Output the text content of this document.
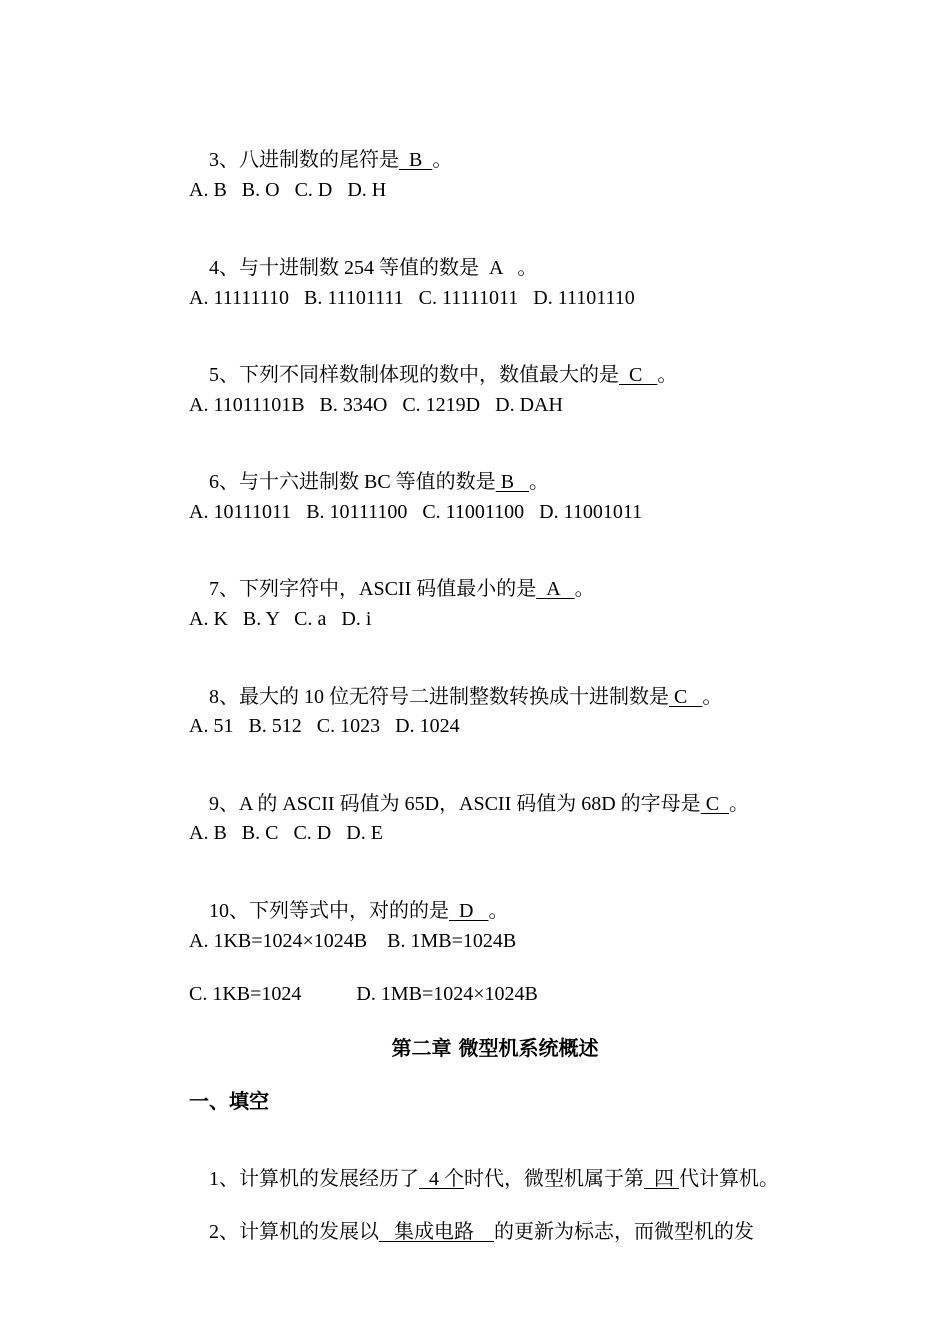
3、八进制数的尾符是  B  。

A. B   B. O   C. D   D. H

4、与十进制数 254 等值的数是  A   。

A. 11111110   B. 11101111   C. 11111011   D. 11101110

5、下列不同样数制体现的数中，数值最大的是  C   。

A. 11011101B   B. 334O   C. 1219D   D. DAH

6、与十六进制数 BC 等值的数是 B   。

A. 10111011   B. 10111100   C. 11001100   D. 11001011

7、下列字符中，ASCII 码值最小的是  A   。

A. K   B. Y   C. a   D. i

8、最大的 10 位无符号二进制整数转换成十进制数是 C   。

A. 51   B. 512   C. 1023   D. 1024

9、A 的 ASCII 码值为 65D，ASCII 码值为 68D 的字母是 C  。

A. B   B. C   C. D   D. E

10、下列等式中，对的的是  D   。

A. 1KB=1024×1024B    B. 1MB=1024B
C. 1KB=1024           D. 1MB=1024×1024B
第二章 微型机系统概述
一、填空

1、计算机的发展经历了  4 个时代，微型机属于第  四 代计算机。

2、计算机的发展以   集成电路    的更新为标志，而微型机的发
